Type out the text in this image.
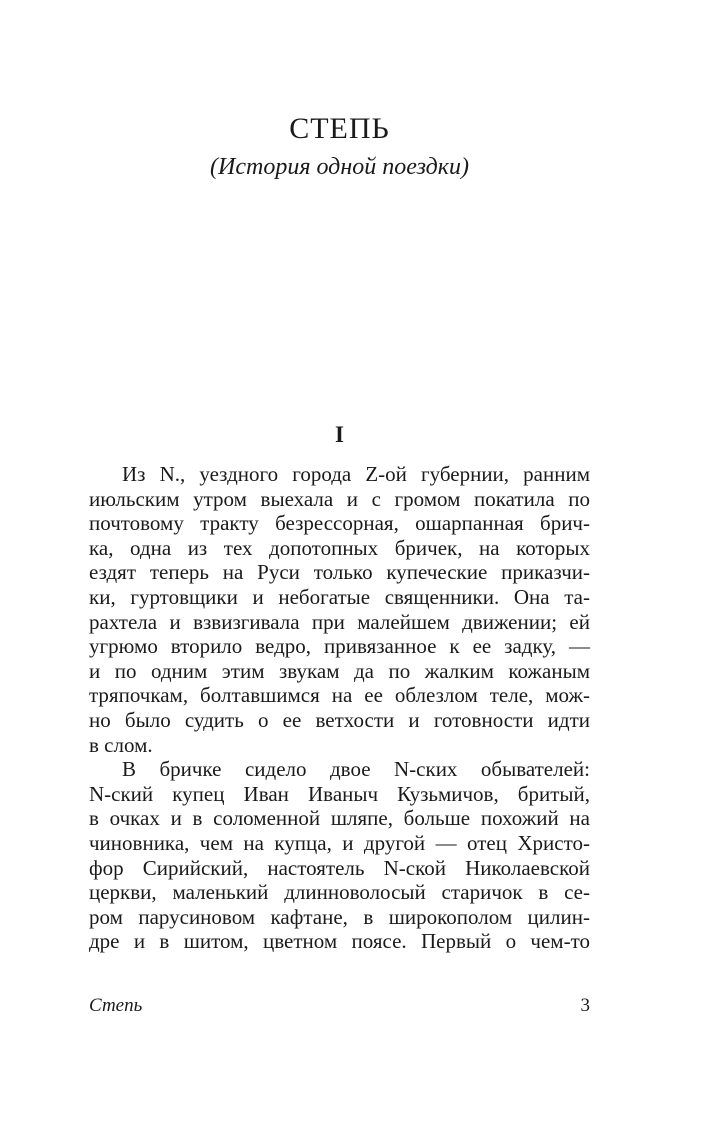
СТЕПЬ
(История одной поездки)
I
Из N., уездного города Z-ой губернии, ранним
июльским утром выехала и с громом покатила по
почтовому тракту безрессорная, ошарпанная брич-
ка, одна из тех допотопных бричек, на которых
ездят теперь на Руси только купеческие приказчи-
ки, гуртовщики и небогатые священники. Она та-
рахтела и взвизгивала при малейшем движении; ей
угрюмо вторило ведро, привязанное к ее задку, —
и по одним этим звукам да по жалким кожаным
тряпочкам, болтавшимся на ее облезлом теле, мож-
но было судить о ее ветхости и готовности идти
в слом.
В бричке сидело двое N-ских обывателей:
N-ский купец Иван Иваныч Кузьмичов, бритый,
в очках и в соломенной шляпе, больше похожий на
чиновника, чем на купца, и другой — отец Христо-
фор Сирийский, настоятель N-ской Николаевской
церкви, маленький длинноволосый старичок в се-
ром парусиновом кафтане, в широкополом цилин-
дре и в шитом, цветном поясе. Первый о чем-то
Степь	3
